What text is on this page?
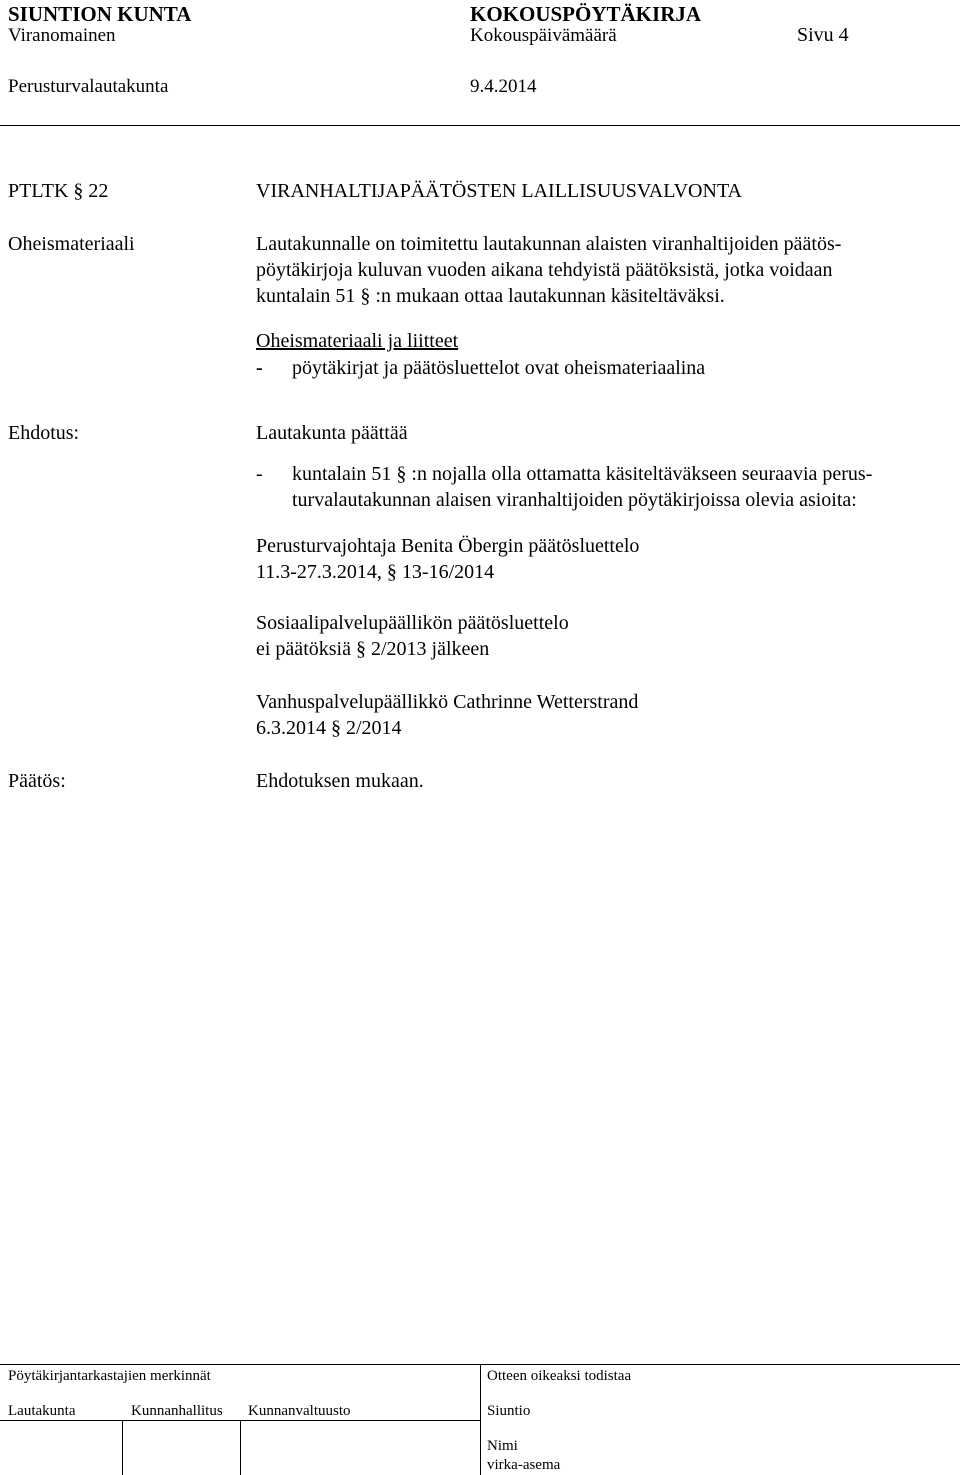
SIUNTION KUNTA	KOKOUSPÖYTÄKIRJA
Viranomainen	Kokouspäivämäärä	Sivu 4
Perusturvalautakunta	9.4.2014
PTLTK § 22	VIRANHALTIJAPÄÄTÖSTEN LAILLISUUSVALVONTA
Oheismateriaali	Lautakunnalle on toimitettu lautakunnan alaisten viranhaltijoiden päätös-
pöytäkirjoja kuluvan vuoden aikana tehdyistä päätöksistä, jotka voidaan
kuntalain 51 § :n mukaan ottaa lautakunnan käsiteltäväksi.
Oheismateriaali ja liitteet
- pöytäkirjat ja päätösluettelot ovat oheismateriaalina
Ehdotus:	Lautakunta päättää
- kuntalain 51 § :n nojalla olla ottamatta käsiteltäväkseen seuraavia perus-
turvalautakunnan alaisen viranhaltijoiden pöytäkirjoissa olevia asioita:
Perusturvajohtaja Benita Öbergin päätösluettelo
11.3-27.3.2014, § 13-16/2014
Sosiaalipalvelupäällikön päätösluettelo
ei päätöksiä § 2/2013 jälkeen
Vanhuspalvelupäällikkö Cathrinne Wetterstrand
6.3.2014 § 2/2014
Päätös:	Ehdotuksen mukaan.
Pöytäkirjantarkastajien merkinnät	Otteen oikeaksi todistaa
Lautakunta	Kunnanhallitus Kunnanvaltuusto	Siuntio
Nimi
virka-asema
